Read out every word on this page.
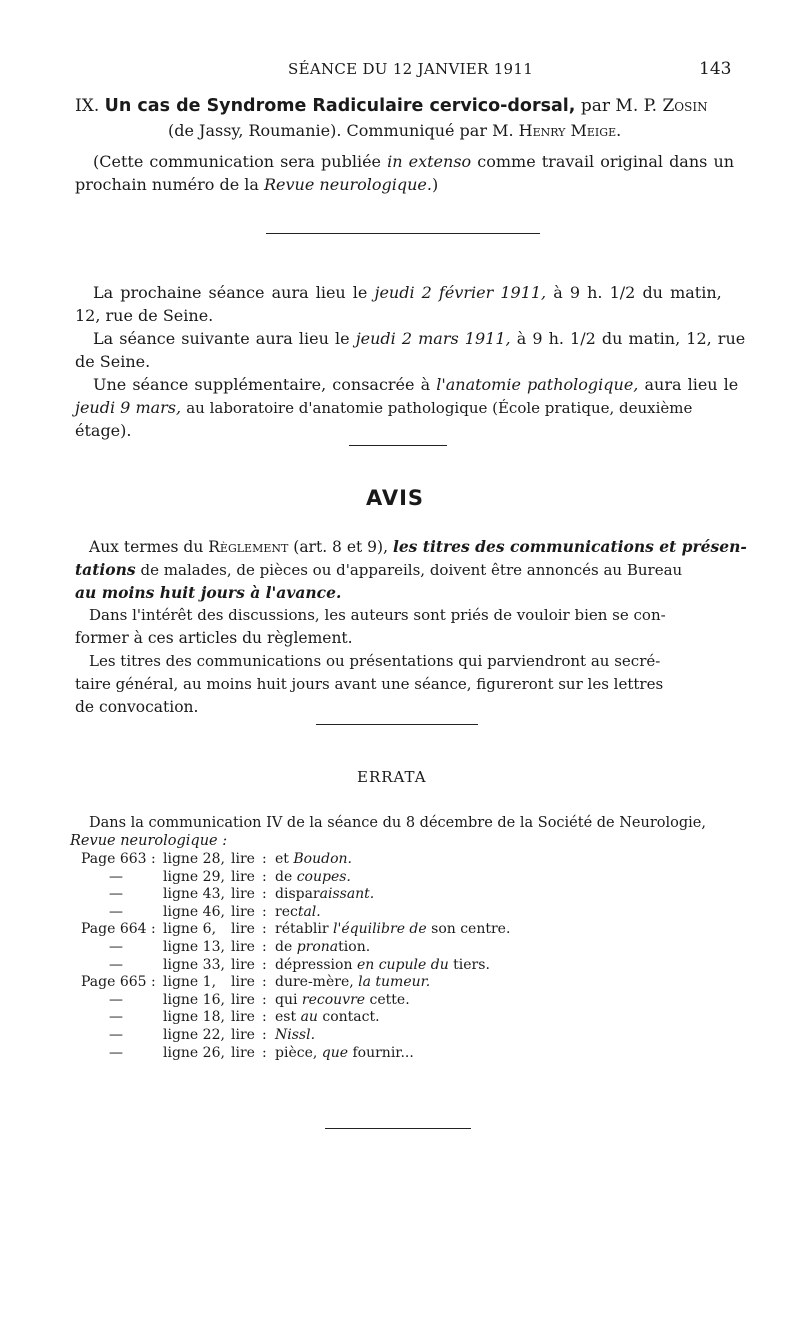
SÉANCE DU 12 JANVIER 1911	143
IX. Un cas de Syndrome Radiculaire cervico-dorsal, par M. P. Zosin
(de Jassy, Roumanie). Communiqué par M. Henry Meige.
(Cette communication sera publiée in extenso comme travail original dans un
prochain numéro de la Revue neurologique.)
La prochaine séance aura lieu le jeudi 2 février 1911, à 9 h. 1/2 du matin,
12, rue de Seine.
La séance suivante aura lieu le jeudi 2 mars 1911, à 9 h. 1/2 du matin, 12, rue
de Seine.
Une séance supplémentaire, consacrée à l'anatomie pathologique, aura lieu le
jeudi 9 mars, au laboratoire d'anatomie pathologique (École pratique, deuxième
étage).
AVIS
Aux termes du Règlement (art. 8 et 9), les titres des communications et présen-
tations de malades, de pièces ou d'appareils, doivent être annoncés au Bureau
au moins huit jours à l'avance.
Dans l'intérêt des discussions, les auteurs sont priés de vouloir bien se con-
former à ces articles du règlement.
Les titres des communications ou présentations qui parviendront au secré-
taire général, au moins huit jours avant une séance, figureront sur les lettres
de convocation.
ERRATA
Dans la communication IV de la séance du 8 décembre de la Société de Neurologie,
Revue neurologique :
Page 663 : ligne 28, lire : et Boudon.
—	ligne 29, lire : de coupes.
—	ligne 43, lire : disparaissant.
—	ligne 46, lire : rectal.
Page 664 : ligne 6, lire : rétablir l'équilibre de son centre.
—	ligne 13, lire : de pronation.
—	ligne 33, lire : dépression en cupule du tiers.
Page 665 : ligne 1, lire : dure-mère, la tumeur.
—	ligne 16, lire : qui recouvre cette.
—	ligne 18, lire : est au contact.
—	ligne 22, lire : Nissl.
—	ligne 26, lire : pièce, que fournir...
